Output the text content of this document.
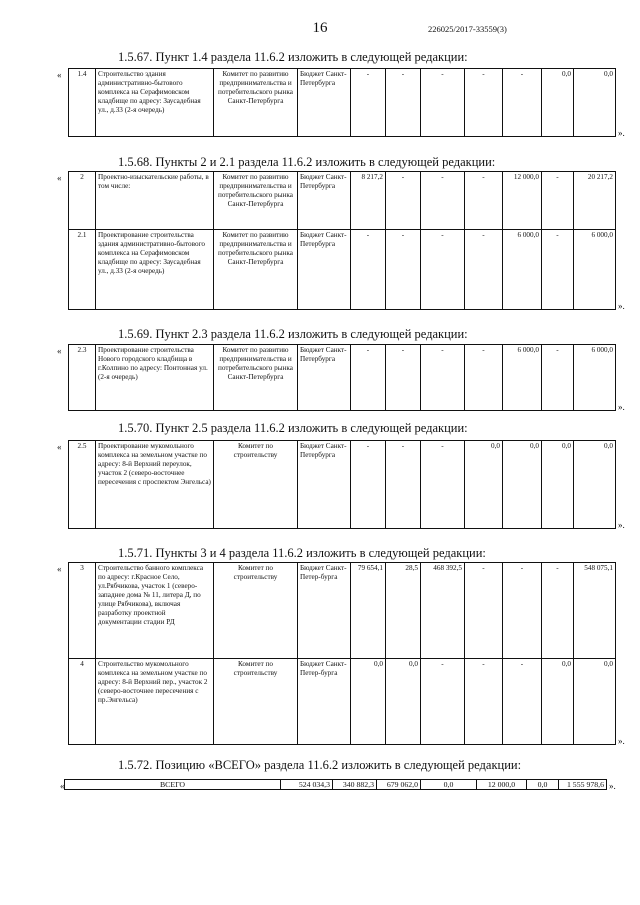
16	226025/2017-33559(3)
1.5.67. Пункт 1.4 раздела 11.6.2 изложить в следующей редакции:
1.4	Строительство здания административно-бытового комплекса на Серафимовском кладбище по адресу: Заусадебная ул., д.33 (2-я очередь)	Комитет по развитию предпринимательства и потребительского рынка Санкт-Петербурга	Бюджет Санкт-Петербурга	-	-	-	-	-	0,0	0,0
«
».
1.5.68. Пункты 2 и 2.1 раздела 11.6.2 изложить в следующей редакции:
2	Проектно-изыскательские работы, в том числе:	Комитет по развитию предпринимательства и потребительского рынка Санкт-Петербурга	Бюджет Санкт-Петербурга	8 217,2	-	-	-	12 000,0	-	20 217,2
2.1	Проектирование строительства здания административно-бытового комплекса на Серафимовском кладбище по адресу: Заусадебная ул., д.33 (2-я очередь)	Комитет по развитию предпринимательства и потребительского рынка Санкт-Петербурга	Бюджет Санкт-Петербурга	-	-	-	-	6 000,0	-	6 000,0
«
».
1.5.69. Пункт 2.3 раздела 11.6.2 изложить в следующей редакции:
2.3	Проектирование строительства Нового городского кладбища в г.Колпино по адресу: Понтонная ул. (2-я очередь)	Комитет по развитию предпринимательства и потребительского рынка Санкт-Петербурга	Бюджет Санкт-Петербурга	-	-	-	-	6 000,0	-	6 000,0
«
».
1.5.70. Пункт 2.5 раздела 11.6.2 изложить в следующей редакции:
2.5	Проектирование мукомольного комплекса на земельном участке по адресу: 8-й Верхний переулок, участок 2 (северо-восточнее пересечения с проспектом Энгельса)	Комитет по строительству	Бюджет Санкт-Петербурга	-	-	-	0,0	0,0	0,0	0,0
«
».
1.5.71. Пункты 3 и 4 раздела 11.6.2 изложить в следующей редакции:
3	Строительство банного комплекса по адресу: г.Красное Село, ул.Рябчикова, участок 1 (северо-западнее дома № 11, литера Д, по улице Рябчикова), включая разработку проектной документации стадии РД	Комитет по строительству	Бюджет Санкт-Петер-бурга	79 654,1	28,5	468 392,5	-	-	-	548 075,1
4	Строительство мукомольного комплекса на земельном участке по адресу: 8-й Верхний пер., участок 2 (северо-восточнее пересечения с пр.Энгельса)	Комитет по строительству	Бюджет Санкт-Петер-бурга	0,0	0,0	-	-	-	0,0	0,0
«
».
1.5.72. Позицию «ВСЕГО» раздела 11.6.2 изложить в следующей редакции:
«	ВСЕГО	524 034,3	340 882,3	679 062,0	0,0	12 000,0	0,0	1 555 978,6 ».
